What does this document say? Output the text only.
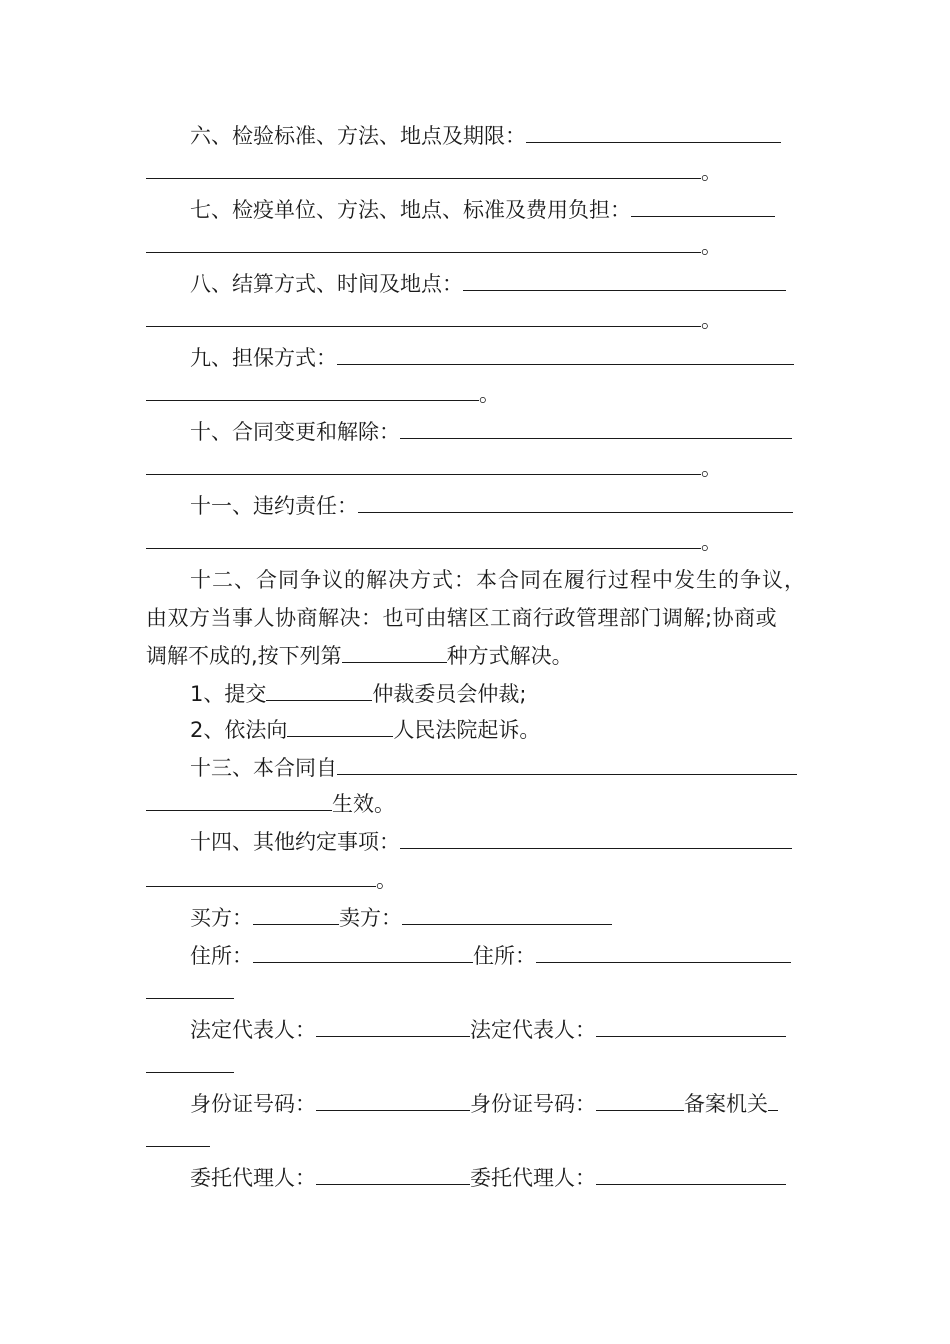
六、检验标准、方法、地点及期限：
。
七、检疫单位、方法、地点、标准及费用负担：
。
八、结算方式、时间及地点：
。
九、担保方式：
。
十、合同变更和解除：
。
十一、违约责任：
。
十二、合同争议的解决方式：本合同在履行过程中发生的争议，
由双方当事人协商解决：也可由辖区工商行政管理部门调解;协商或
调解不成的,按下列第	种方式解决。
1、提交	仲裁委员会仲裁;
2、依法向	人民法院起诉。
十三、本合同自
生效。
十四、其他约定事项：
。
买方：	卖方：
住所：	住所：
法定代表人：	法定代表人：
身份证号码：	身份证号码：	备案机关
委托代理人：	委托代理人：
